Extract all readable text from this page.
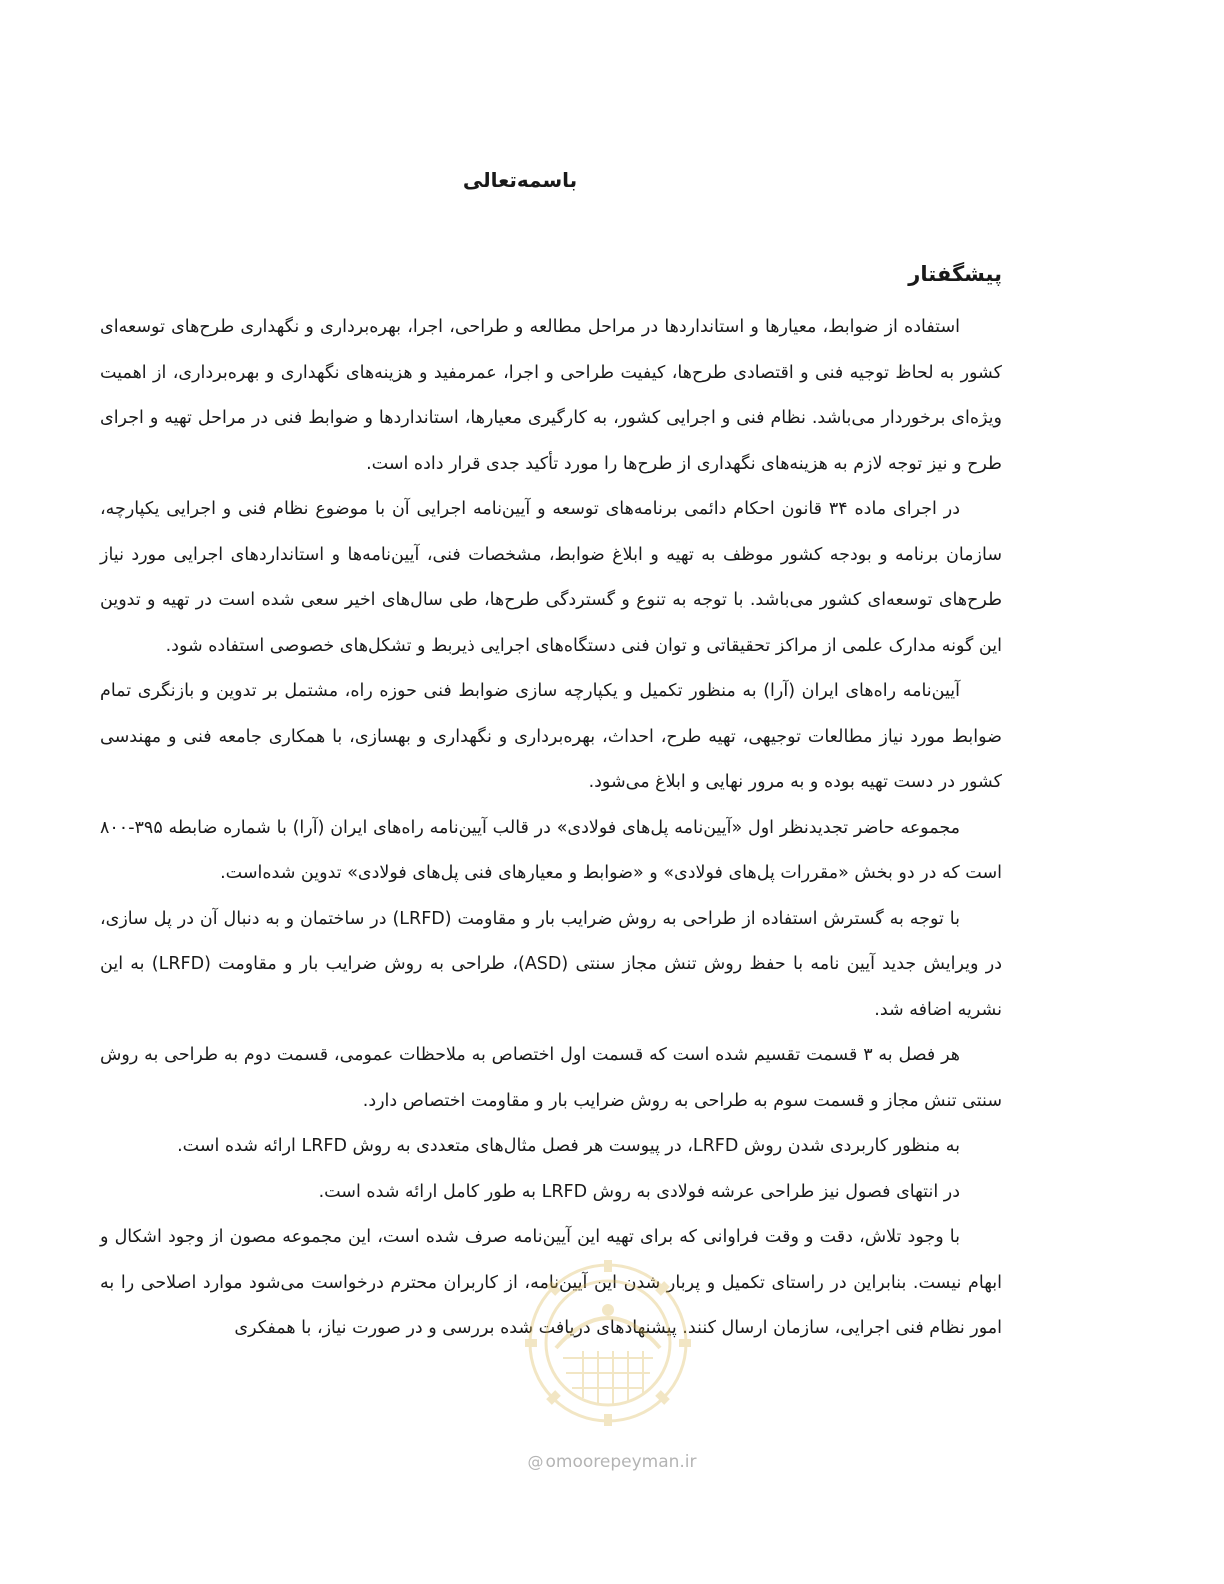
باسمه‌تعالی
پیشگفتار

استفاده از ضوابط، معیارها و استانداردها در مراحل مطالعه و طراحی، اجرا، بهره‌برداری و نگهداری طرح‌های توسعه‌ای کشور به لحاظ توجیه فنی و اقتصادی طرح‌ها، کیفیت طراحی و اجرا، عمرمفید و هزینه‌های نگهداری و بهره‌برداری، از اهمیت ویژه‌ای برخوردار می‌باشد. نظام فنی و اجرایی کشور، به کارگیری معیارها، استانداردها و ضوابط فنی در مراحل تهیه و اجرای طرح و نیز توجه لازم به هزینه‌های نگهداری از طرح‌ها را مورد تأکید جدی قرار داده است.

در اجرای ماده ۳۴ قانون احکام دائمی برنامه‌های توسعه و آیین‌نامه اجرایی آن با موضوع نظام فنی و اجرایی یکپارچه، سازمان برنامه و بودجه کشور موظف به تهیه و ابلاغ ضوابط، مشخصات فنی، آیین‌نامه‌ها و استانداردهای اجرایی مورد نیاز طرح‌های توسعه‌ای کشور می‌باشد. با توجه به تنوع و گستردگی طرح‌ها، طی سال‌های اخیر سعی شده است در تهیه و تدوین این گونه مدارک علمی از مراکز تحقیقاتی و توان فنی دستگاه‌های اجرایی ذیربط و تشکل‌های خصوصی استفاده شود.

آیین‌نامه راه‌های ایران (آرا) به منظور تکمیل و یکپارچه سازی ضوابط فنی حوزه راه، مشتمل بر تدوین و بازنگری تمام ضوابط مورد نیاز مطالعات توجیهی، تهیه طرح، احداث، بهره‌برداری و نگهداری و بهسازی، با همکاری جامعه فنی و مهندسی کشور در دست تهیه بوده و به مرور نهایی و ابلاغ می‌شود.

مجموعه حاضر تجدیدنظر اول «آیین‌نامه پل‌های فولادی» در قالب آیین‌نامه راه‌های ایران (آرا) با شماره ضابطه ۳۹۵-۸۰۰ است که در دو بخش «مقررات پل‌های فولادی» و «ضوابط و معیارهای فنی پل‌های فولادی» تدوین شده‌است.

با توجه به گسترش استفاده از طراحی به روش ضرایب بار و مقاومت (LRFD) در ساختمان و به دنبال آن در پل سازی، در ویرایش جدید آیین نامه با حفظ روش تنش مجاز سنتی (ASD)، طراحی به روش ضرایب بار و مقاومت (LRFD) به این نشریه اضافه شد.

هر فصل به ۳ قسمت تقسیم شده است که قسمت اول اختصاص به ملاحظات عمومی، قسمت دوم به طراحی به روش سنتی تنش مجاز و قسمت سوم به طراحی به روش ضرایب بار و مقاومت اختصاص دارد.

به منظور کاربردی شدن روش LRFD، در پیوست هر فصل مثال‌های متعددی به روش LRFD ارائه شده است.

در انتهای فصول نیز طراحی عرشه فولادی به روش LRFD به طور کامل ارائه شده است.

با وجود تلاش، دقت و وقت فراوانی که برای تهیه این آیین‌نامه صرف شده است، این مجموعه مصون از وجود اشکال و ابهام نیست. بنابراین در راستای تکمیل و پربار شدن این آیین‌نامه، از کاربران محترم درخواست می‌شود موارد اصلاحی را به امور نظام فنی اجرایی، سازمان ارسال کنند. پیشنهادهای دریافت شده بررسی و در صورت نیاز، با همفکری

@ omoorepeyman.ir
